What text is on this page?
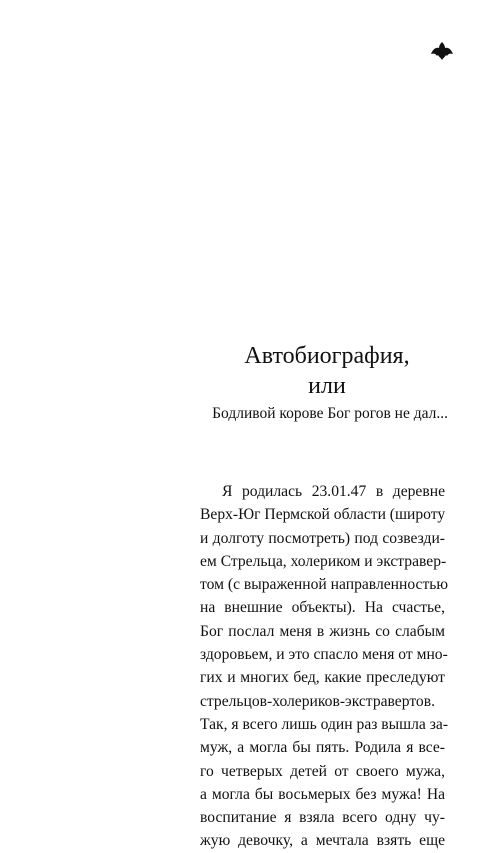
Автобиография,
или
Бодливой корове Бог рогов не дал...
Я родилась 23.01.47 в деревне
Верх-Юг Пермской области (широту
и долготу посмотреть) под созвезди-
ем Стрельца, холериком и экстравер-
том (с выраженной направленностью
на внешние объекты). На счастье,
Бог послал меня в жизнь со слабым
здоровьем, и это спасло меня от мно-
гих и многих бед, какие преследуют
стрельцов-холериков-экстравертов.
Так, я всего лишь один раз вышла за-
муж, а могла бы пять. Родила я все-
го четверых детей от своего мужа,
а могла бы восьмерых без мужа! На
воспитание я взяла всего одну чу-
жую девочку, а мечтала взять еще
